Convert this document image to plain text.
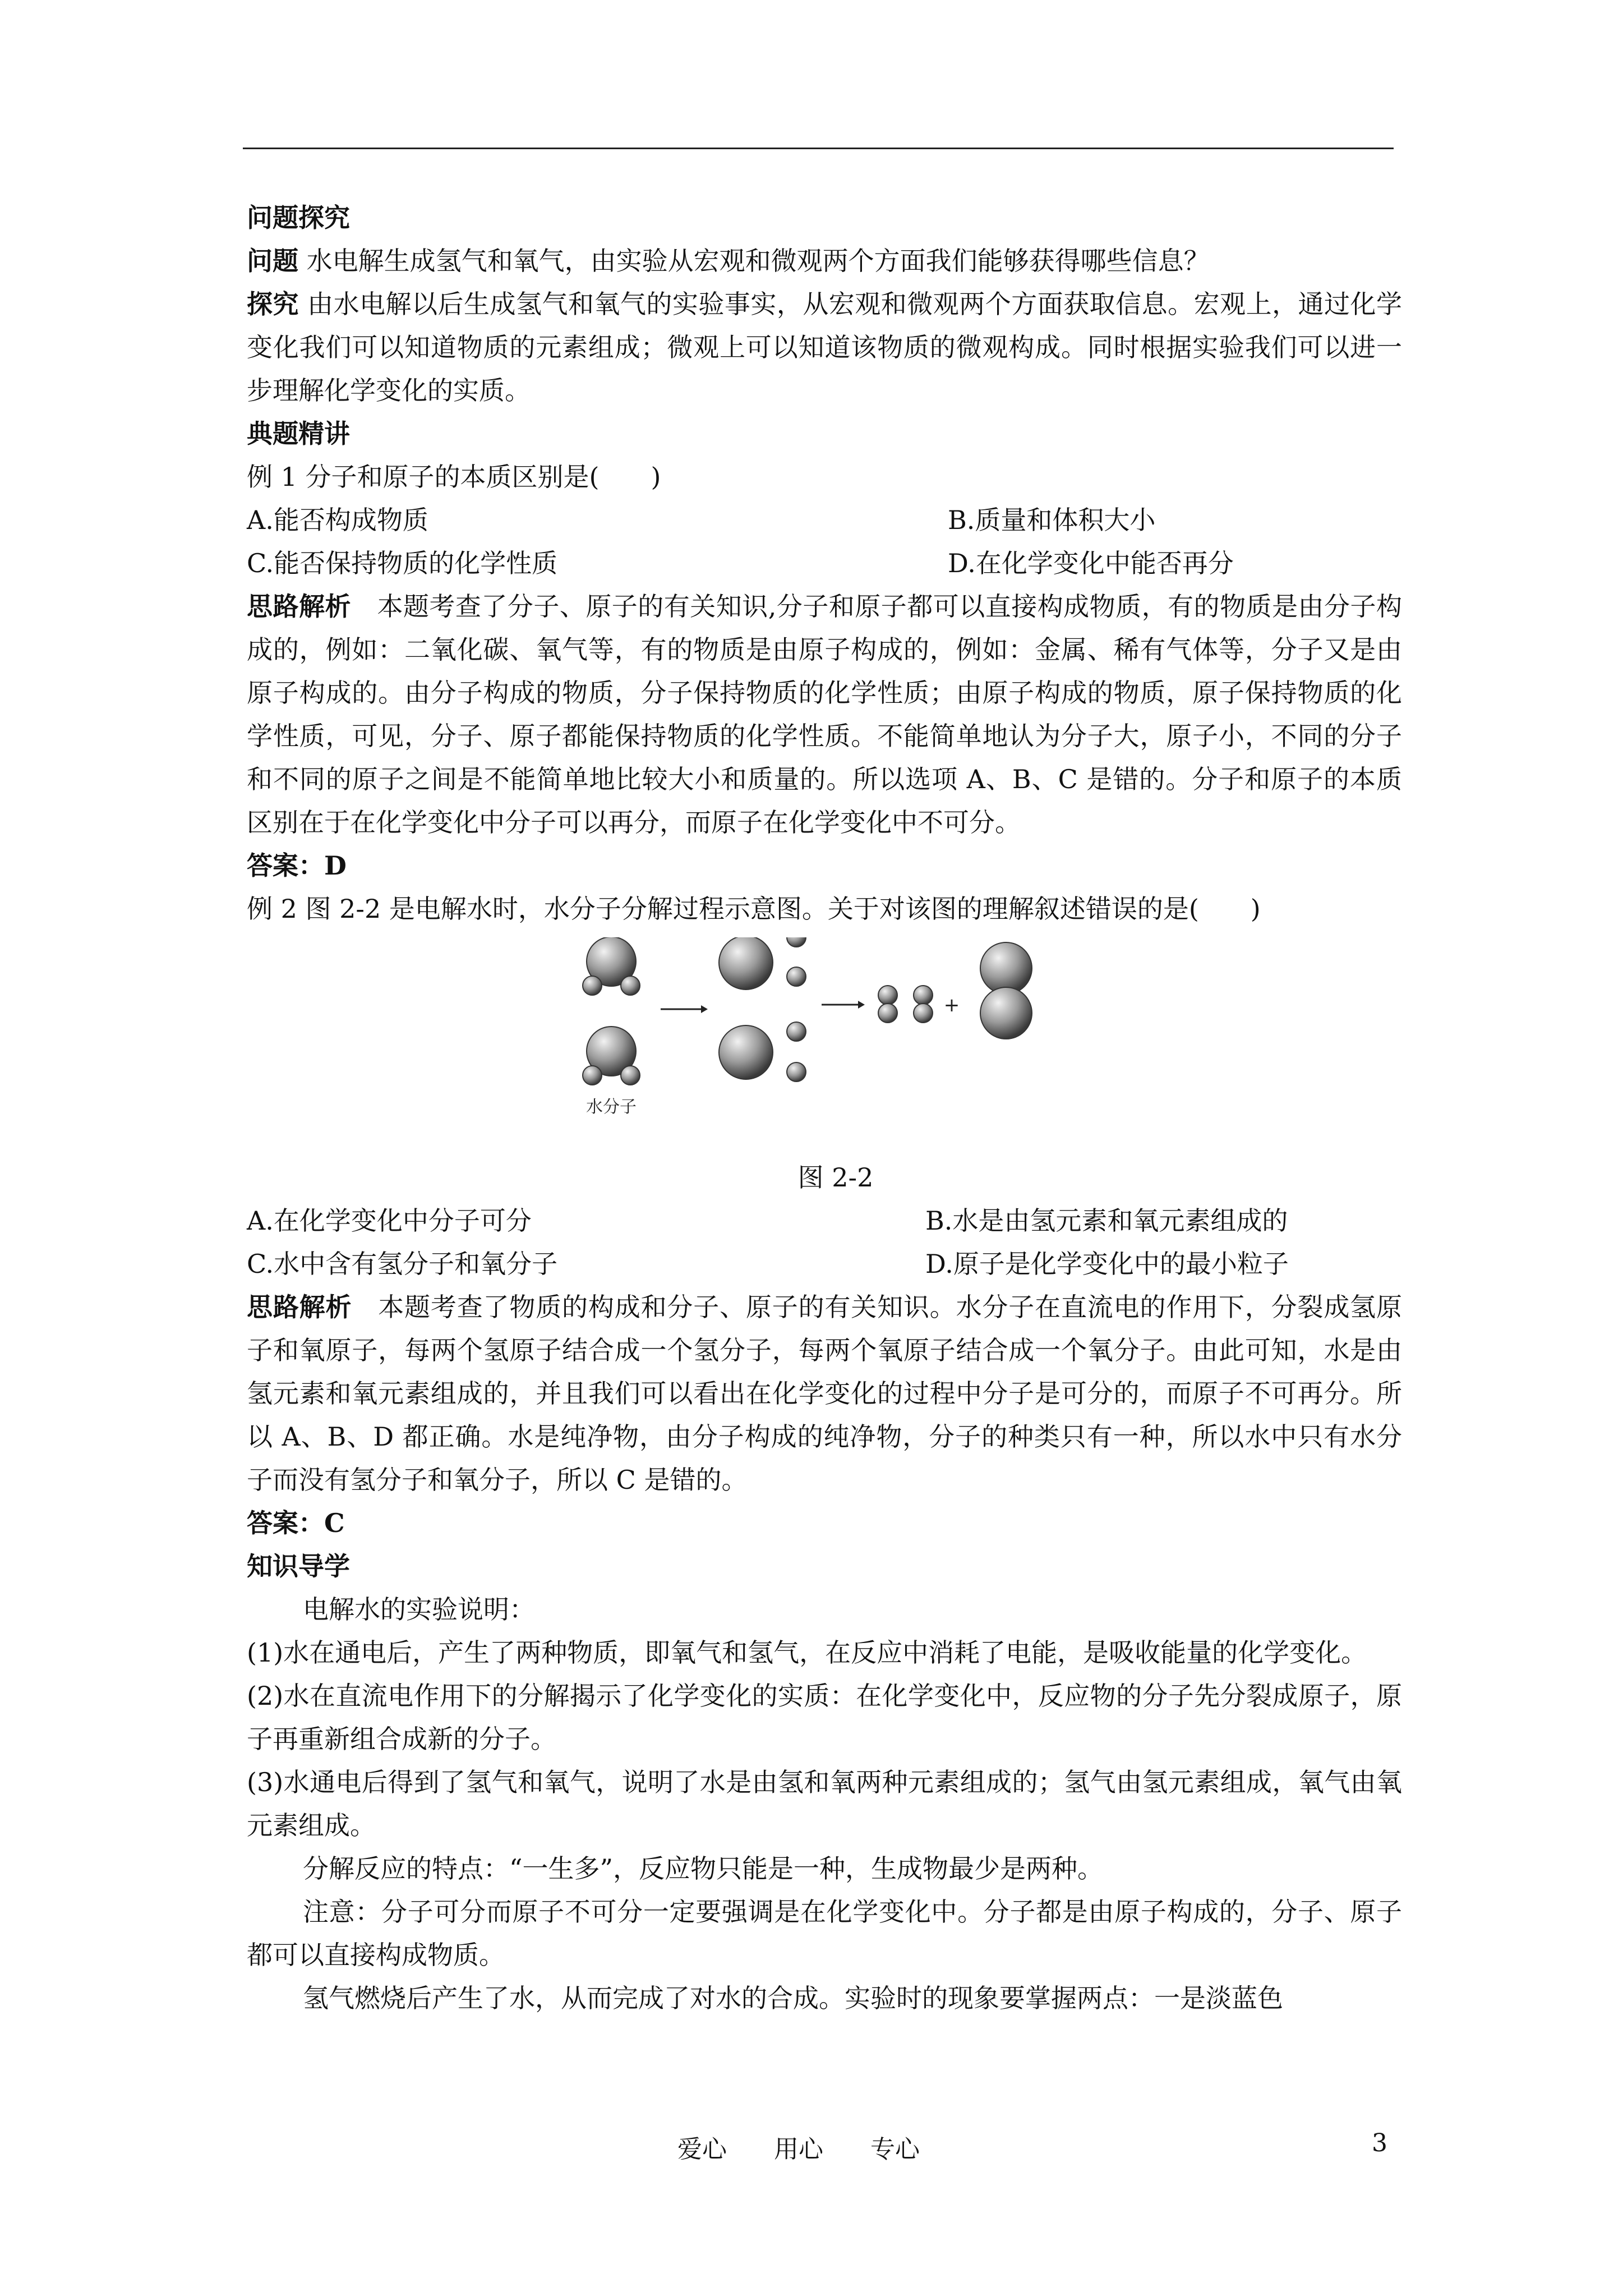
问题探究

问题 水电解生成氢气和氧气，由实验从宏观和微观两个方面我们能够获得哪些信息？

探究 由水电解以后生成氢气和氧气的实验事实，从宏观和微观两个方面获取信息。宏观上，通过化学变化我们可以知道物质的元素组成；微观上可以知道该物质的微观构成。同时根据实验我们可以进一步理解化学变化的实质。

典题精讲

例 1 分子和原子的本质区别是(　　)

A.能否构成物质	B.质量和体积大小
C.能否保持物质的化学性质	D.在化学变化中能否再分

思路解析　本题考查了分子、原子的有关知识,分子和原子都可以直接构成物质，有的物质是由分子构成的，例如：二氧化碳、氧气等，有的物质是由原子构成的，例如：金属、稀有气体等，分子又是由原子构成的。由分子构成的物质，分子保持物质的化学性质；由原子构成的物质，原子保持物质的化学性质，可见，分子、原子都能保持物质的化学性质。不能简单地认为分子大，原子小，不同的分子和不同的原子之间是不能简单地比较大小和质量的。所以选项 A、B、C 是错的。分子和原子的本质区别在于在化学变化中分子可以再分，而原子在化学变化中不可分。

答案：D

例 2 图 2-2 是电解水时，水分子分解过程示意图。关于对该图的理解叙述错误的是(　　)

水分子
+

图 2-2

A.在化学变化中分子可分	B.水是由氢元素和氧元素组成的
C.水中含有氢分子和氧分子	D.原子是化学变化中的最小粒子

思路解析　本题考查了物质的构成和分子、原子的有关知识。水分子在直流电的作用下，分裂成氢原子和氧原子，每两个氢原子结合成一个氢分子，每两个氧原子结合成一个氧分子。由此可知，水是由氢元素和氧元素组成的，并且我们可以看出在化学变化的过程中分子是可分的，而原子不可再分。所以 A、B、D 都正确。水是纯净物，由分子构成的纯净物，分子的种类只有一种，所以水中只有水分子而没有氢分子和氧分子，所以 C 是错的。

答案：C

知识导学

电解水的实验说明：

(1)水在通电后，产生了两种物质，即氧气和氢气，在反应中消耗了电能，是吸收能量的化学变化。

(2)水在直流电作用下的分解揭示了化学变化的实质：在化学变化中，反应物的分子先分裂成原子，原子再重新组合成新的分子。

(3)水通电后得到了氢气和氧气，说明了水是由氢和氧两种元素组成的；氢气由氢元素组成，氧气由氧元素组成。

分解反应的特点：“一生多”，反应物只能是一种，生成物最少是两种。

注意：分子可分而原子不可分一定要强调是在化学变化中。分子都是由原子构成的，分子、原子都可以直接构成物质。

氢气燃烧后产生了水，从而完成了对水的合成。实验时的现象要掌握两点：一是淡蓝色

爱心 用心 专心	3
